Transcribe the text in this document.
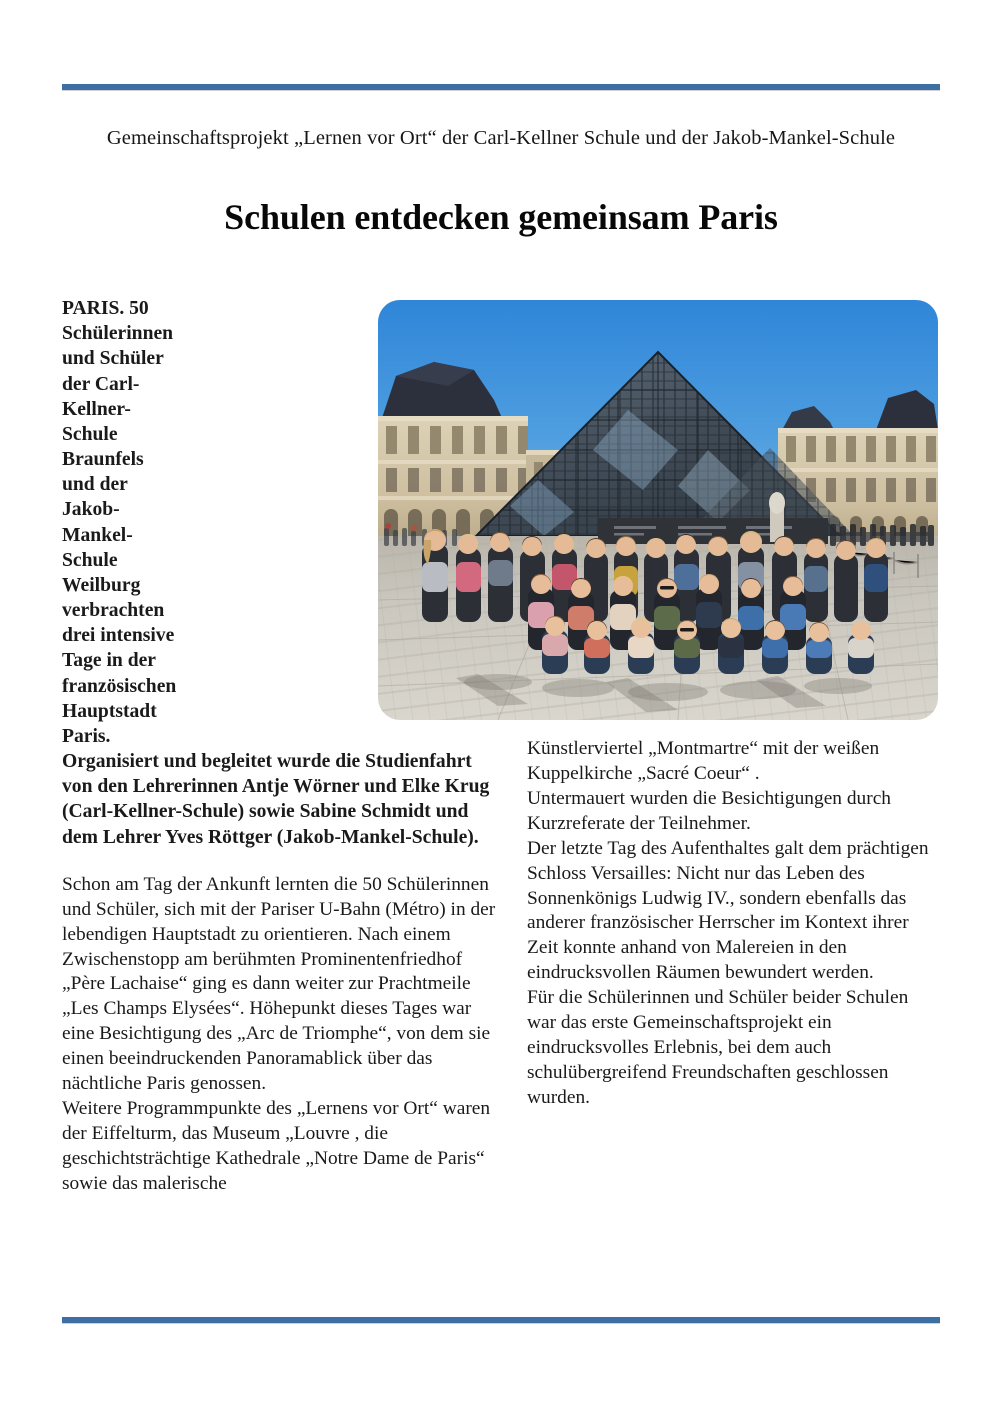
Gemeinschaftsprojekt „Lernen vor Ort“ der Carl-Kellner Schule und der Jakob-Mankel-Schule
Schulen entdecken gemeinsam Paris

PARIS. 50 Schülerinnen und Schüler der Carl-Kellner-Schule Braunfels und der Jakob-Mankel-Schule Weilburg verbrachten drei intensive Tage in der französischen Hauptstadt Paris. Organisiert und begleitet wurde die Studienfahrt von den Lehrerinnen Antje Wörner und Elke Krug (Carl-Kellner-Schule) sowie Sabine Schmidt und dem Lehrer Yves Röttger (Jakob-Mankel-Schule).

Schon am Tag der Ankunft lernten die 50 Schülerinnen und Schüler, sich mit der Pariser U-Bahn (Métro) in der lebendigen Hauptstadt zu orientieren. Nach einem Zwischenstopp am berühmten Prominentenfriedhof „Père Lachaise“ ging es dann weiter zur Prachtmeile „Les Champs Elysées“. Höhepunkt dieses Tages war eine Besichtigung des „Arc de Triomphe“, von dem sie einen beeindruckenden Panoramablick über das nächtliche Paris genossen.

Weitere Programmpunkte des „Lernens vor Ort“ waren der Eiffelturm, das Museum „Louvre , die geschichtsträchtige Kathedrale „Notre Dame de Paris“ sowie das malerische

Künstlerviertel „Montmartre“ mit der weißen Kuppelkirche „Sacré Coeur“ .

Untermauert wurden die Besichtigungen durch Kurzreferate der Teilnehmer.

Der letzte Tag des Aufenthaltes galt dem prächtigen Schloss Versailles: Nicht nur das Leben des Sonnenkönigs Ludwig IV., sondern ebenfalls das anderer französischer Herrscher im Kontext ihrer Zeit konnte anhand von Malereien in den eindrucksvollen Räumen bewundert werden.

Für die Schülerinnen und Schüler beider Schulen war das erste Gemeinschaftsprojekt ein eindrucksvolles Erlebnis, bei dem auch schulübergreifend Freundschaften geschlossen wurden.
